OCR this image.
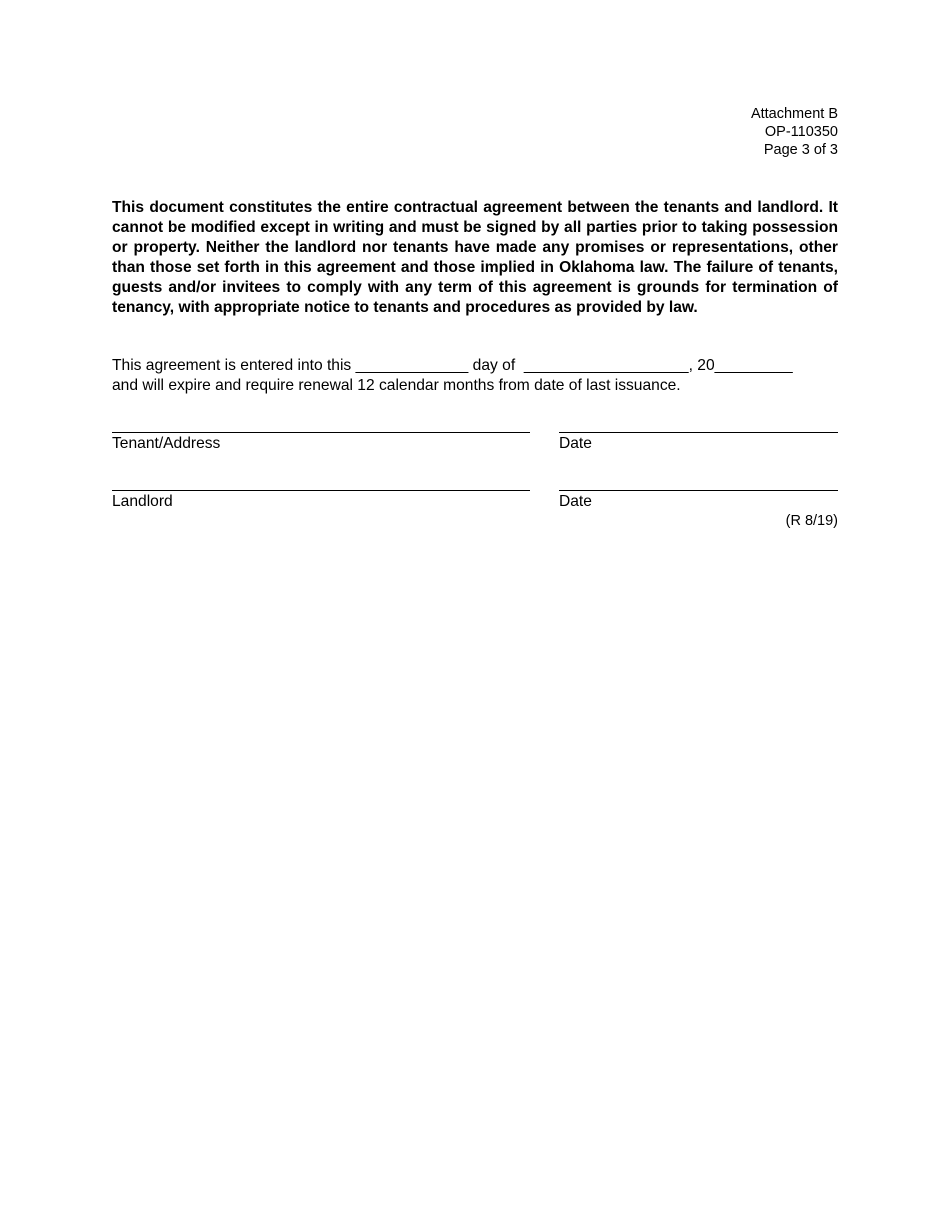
Attachment B
OP-110350
Page 3 of 3
This document constitutes the entire contractual agreement between the tenants and landlord. It cannot be modified except in writing and must be signed by all parties prior to taking possession or property. Neither the landlord nor tenants have made any promises or representations, other than those set forth in this agreement and those implied in Oklahoma law. The failure of tenants, guests and/or invitees to comply with any term of this agreement is grounds for termination of tenancy, with appropriate notice to tenants and procedures as provided by law.
This agreement is entered into this
_____________
day of
___________________ , 20 _________
and will expire and require renewal 12 calendar months from date of last issuance.
Tenant/Address	Date
Landlord	Date
(R 8/19)
